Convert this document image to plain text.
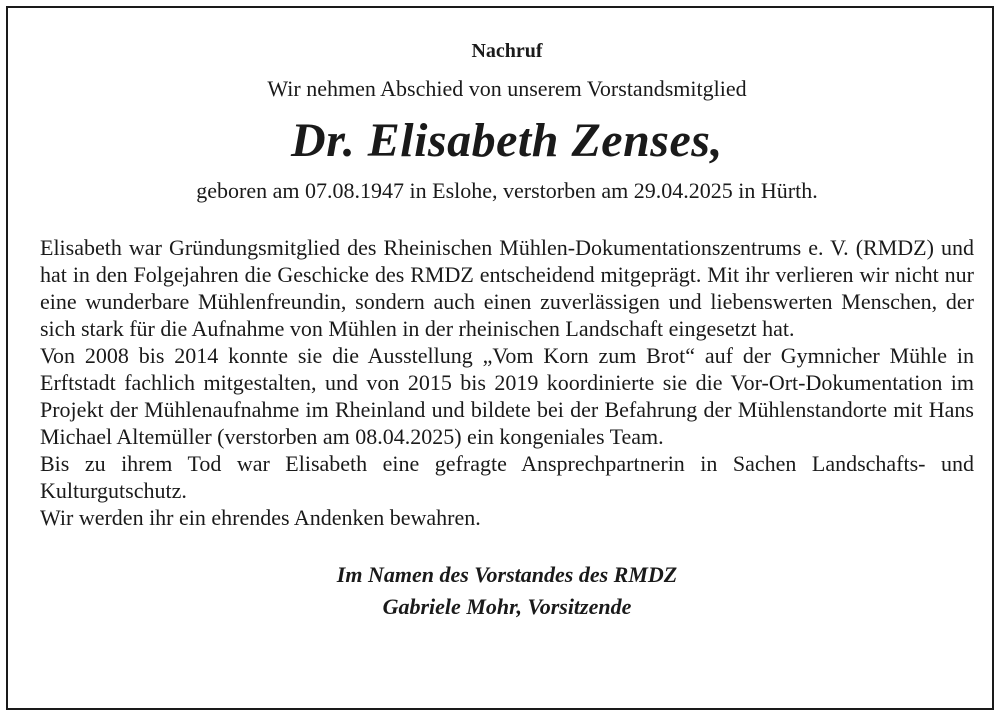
Nachruf
Wir nehmen Abschied von unserem Vorstandsmitglied
Dr. Elisabeth Zenses,
geboren am 07.08.1947 in Eslohe, verstorben am 29.04.2025 in Hürth.

Elisabeth war Gründungsmitglied des Rheinischen Mühlen-Dokumentationszentrums e. V. (RMDZ) und hat in den Folgejahren die Geschicke des RMDZ entscheidend mitgeprägt. Mit ihr verlieren wir nicht nur eine wunderbare Mühlenfreundin, sondern auch einen zuverlässigen und liebenswerten Menschen, der sich stark für die Aufnahme von Mühlen in der rheinischen Landschaft eingesetzt hat.

Von 2008 bis 2014 konnte sie die Ausstellung „Vom Korn zum Brot“ auf der Gymnicher Mühle in Erftstadt fachlich mitgestalten, und von 2015 bis 2019 koordinierte sie die Vor-Ort-Dokumentation im Projekt der Mühlenaufnahme im Rheinland und bildete bei der Befahrung der Mühlenstandorte mit Hans Michael Altemüller (verstorben am 08.04.2025) ein kongeniales Team.

Bis zu ihrem Tod war Elisabeth eine gefragte Ansprechpartnerin in Sachen Landschafts- und Kulturgutschutz.

Wir werden ihr ein ehrendes Andenken bewahren.

Im Namen des Vorstandes des RMDZ
Gabriele Mohr, Vorsitzende
